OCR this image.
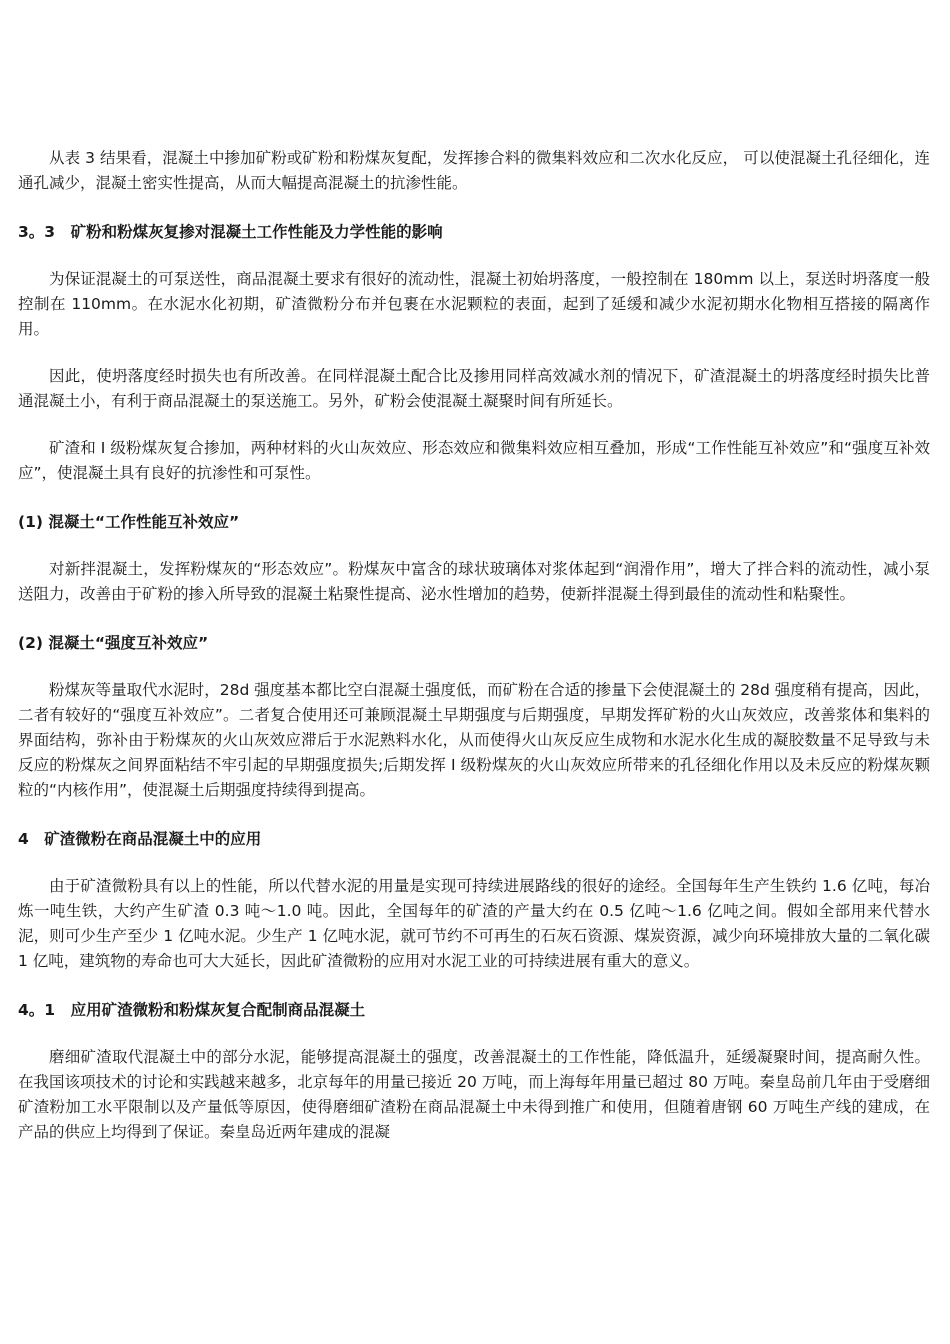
从表 3 结果看，混凝土中掺加矿粉或矿粉和粉煤灰复配，发挥掺合料的微集料效应和二次水化反应， 可以使混凝土孔径细化，连通孔减少，混凝土密实性提高，从而大幅提高混凝土的抗渗性能。

3。3　矿粉和粉煤灰复掺对混凝土工作性能及力学性能的影响

为保证混凝土的可泵送性，商品混凝土要求有很好的流动性，混凝土初始坍落度，一般控制在 180mm 以上，泵送时坍落度一般控制在 110mm。在水泥水化初期，矿渣微粉分布并包裹在水泥颗粒的表面，起到了延缓和减少水泥初期水化物相互搭接的隔离作用。

因此，使坍落度经时损失也有所改善。在同样混凝土配合比及掺用同样高效减水剂的情况下，矿渣混凝土的坍落度经时损失比普通混凝土小，有利于商品混凝土的泵送施工。另外，矿粉会使混凝土凝聚时间有所延长。

矿渣和 I 级粉煤灰复合掺加，两种材料的火山灰效应、形态效应和微集料效应相互叠加，形成“工作性能互补效应”和“强度互补效应”，使混凝土具有良好的抗渗性和可泵性。

(1) 混凝土“工作性能互补效应”

对新拌混凝土，发挥粉煤灰的“形态效应”。粉煤灰中富含的球状玻璃体对浆体起到“润滑作用”，增大了拌合料的流动性，减小泵送阻力，改善由于矿粉的掺入所导致的混凝土粘聚性提高、泌水性增加的趋势，使新拌混凝土得到最佳的流动性和粘聚性。

(2) 混凝土“强度互补效应”

粉煤灰等量取代水泥时，28d 强度基本都比空白混凝土强度低，而矿粉在合适的掺量下会使混凝土的 28d 强度稍有提高，因此，二者有较好的“强度互补效应”。二者复合使用还可兼顾混凝土早期强度与后期强度，早期发挥矿粉的火山灰效应，改善浆体和集料的界面结构，弥补由于粉煤灰的火山灰效应滞后于水泥熟料水化，从而使得火山灰反应生成物和水泥水化生成的凝胶数量不足导致与未反应的粉煤灰之间界面粘结不牢引起的早期强度损失;后期发挥 I 级粉煤灰的火山灰效应所带来的孔径细化作用以及未反应的粉煤灰颗粒的“内核作用”，使混凝土后期强度持续得到提高。

4　矿渣微粉在商品混凝土中的应用

由于矿渣微粉具有以上的性能，所以代替水泥的用量是实现可持续进展路线的很好的途经。全国每年生产生铁约 1.6 亿吨，每冶炼一吨生铁，大约产生矿渣 0.3 吨～1.0 吨。因此，全国每年的矿渣的产量大约在 0.5 亿吨～1.6 亿吨之间。假如全部用来代替水泥，则可少生产至少 1 亿吨水泥。少生产 1 亿吨水泥，就可节约不可再生的石灰石资源、煤炭资源，减少向环境排放大量的二氧化碳 1 亿吨，建筑物的寿命也可大大延长，因此矿渣微粉的应用对水泥工业的可持续进展有重大的意义。

4。1　应用矿渣微粉和粉煤灰复合配制商品混凝土

磨细矿渣取代混凝土中的部分水泥，能够提高混凝土的强度，改善混凝土的工作性能，降低温升，延缓凝聚时间，提高耐久性。在我国该项技术的讨论和实践越来越多，北京每年的用量已接近 20 万吨，而上海每年用量已超过 80 万吨。秦皇岛前几年由于受磨细矿渣粉加工水平限制以及产量低等原因，使得磨细矿渣粉在商品混凝土中未得到推广和使用，但随着唐钢 60 万吨生产线的建成，在产品的供应上均得到了保证。秦皇岛近两年建成的混凝
